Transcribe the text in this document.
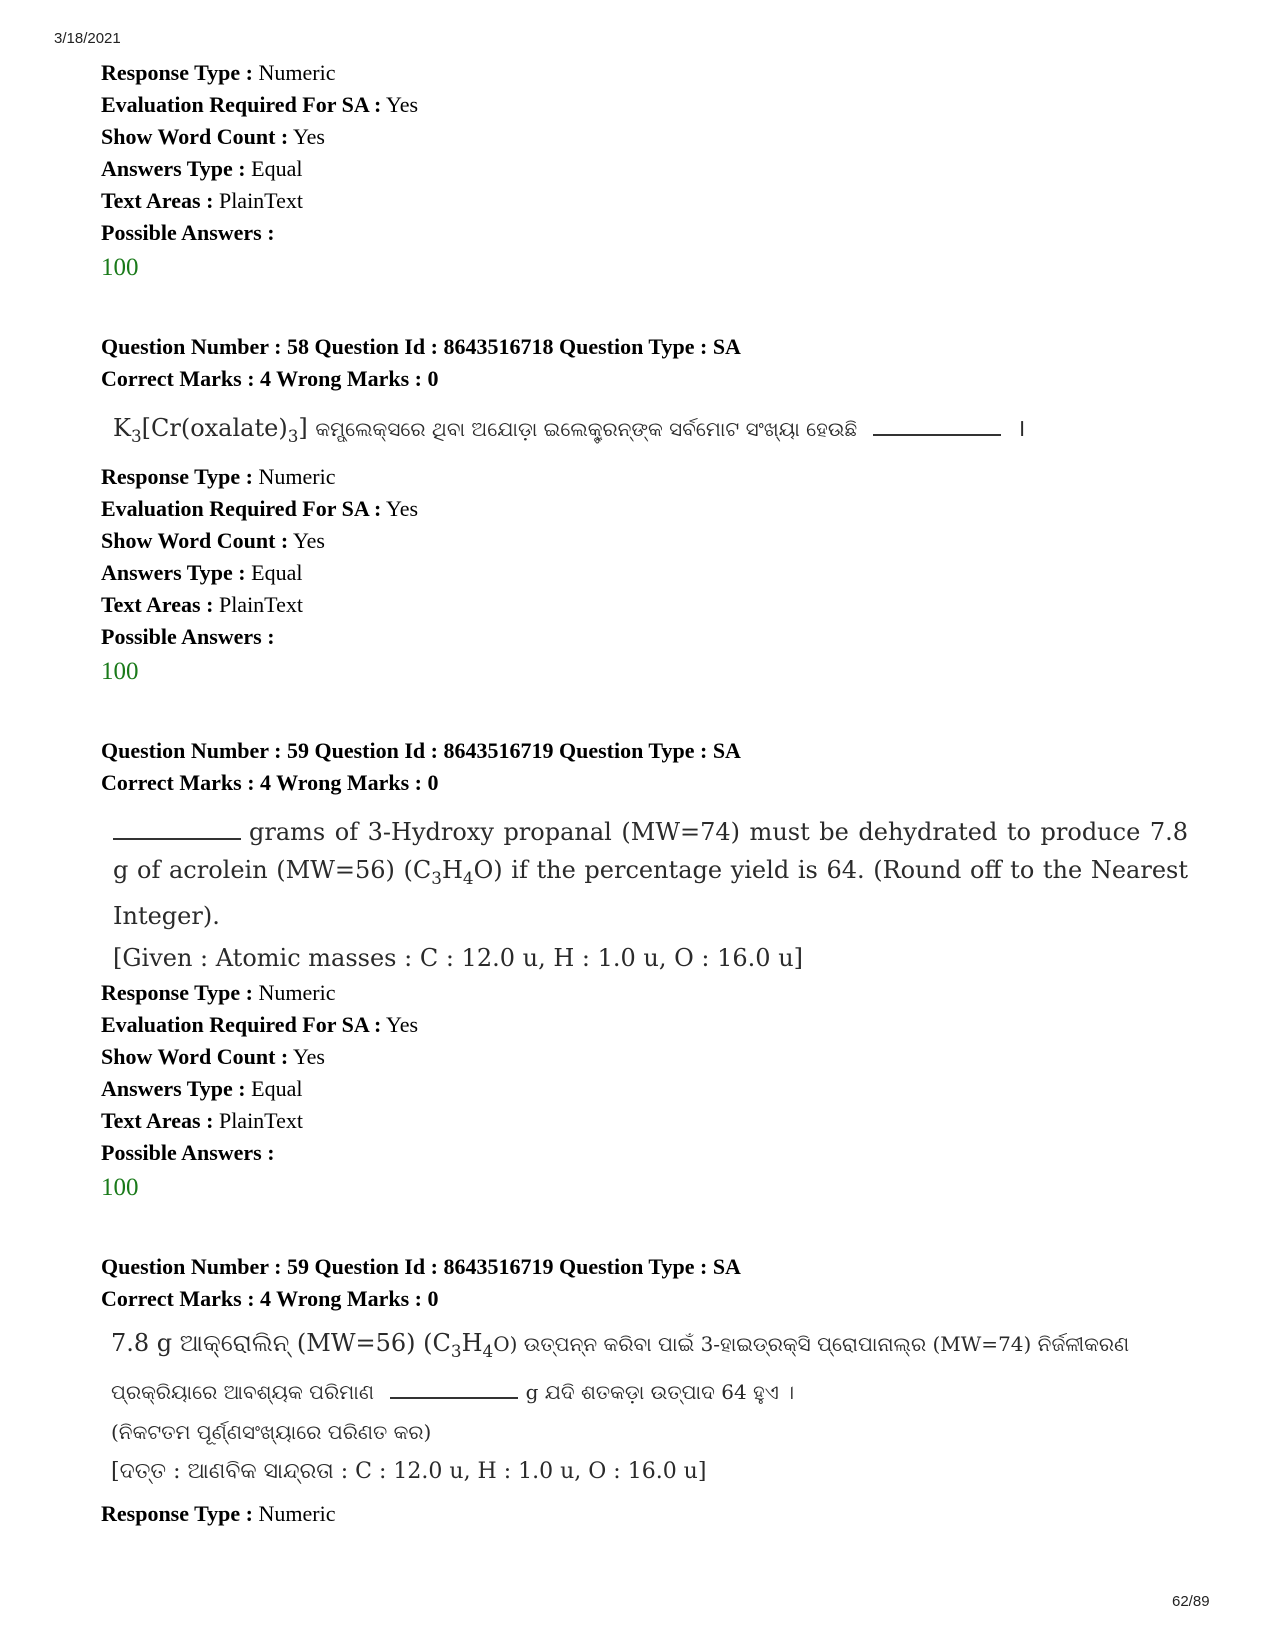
3/18/2021
Response Type : Numeric
Evaluation Required For SA : Yes
Show Word Count : Yes
Answers Type : Equal
Text Areas : PlainText
Possible Answers :
100
Question Number : 58 Question Id : 8643516718 Question Type : SA
Correct Marks : 4 Wrong Marks : 0
$K_3[Cr(oxalate)_3]$ କମ୍ପ୍ଲେକ୍ସରେ ଥିବା ଅଯୋଡ଼ା ଇଲେକ୍ଟ୍ରନ୍‌ଙ୍କ ସର୍ବମୋଟ ସଂଖ୍ୟା ହେଉଛି	।
Response Type : Numeric
Evaluation Required For SA : Yes
Show Word Count : Yes
Answers Type : Equal
Text Areas : PlainText
Possible Answers :
100
Question Number : 59 Question Id : 8643516719 Question Type : SA
Correct Marks : 4 Wrong Marks : 0

grams of 3-Hydroxy propanal (MW=74) must be dehydrated to produce 7.8 g of acrolein (MW=56) $(C_3H_4O)$ if the percentage yield is 64. (Round off to the Nearest Integer).

[Given : Atomic masses : C : 12.0 u, H : 1.0 u, O : 16.0 u]

Response Type : Numeric
Evaluation Required For SA : Yes
Show Word Count : Yes
Answers Type : Equal
Text Areas : PlainText
Possible Answers :
100
Question Number : 59 Question Id : 8643516719 Question Type : SA
Correct Marks : 4 Wrong Marks : 0

7.8 g ଆକ୍ରୋଲିନ୍ (MW=56) $(C_3H_4O)$ ଉତ୍ପନ୍ନ କରିବା ପାଇଁ 3-ହାଇଡ୍ରକ୍ସି ପ୍ରୋପାନାଲ୍‌ର (MW=74) ନିର୍ଜଳୀକରଣ

ପ୍ରକ୍ରିୟାରେ ଆବଶ୍ୟକ ପରିମାଣ	g ଯଦି ଶତକଡ଼ା ଉତ୍ପାଦ 64 ହୁଏ ।

(ନିକଟତମ ପୂର୍ଣ୍ଣସଂଖ୍ୟାରେ ପରିଣତ କର)

[ଦତ୍ତ : ଆଣବିକ ସାନ୍ଦ୍ରତା : C : 12.0 u, H : 1.0 u, O : 16.0 u]

Response Type : Numeric
62/89
